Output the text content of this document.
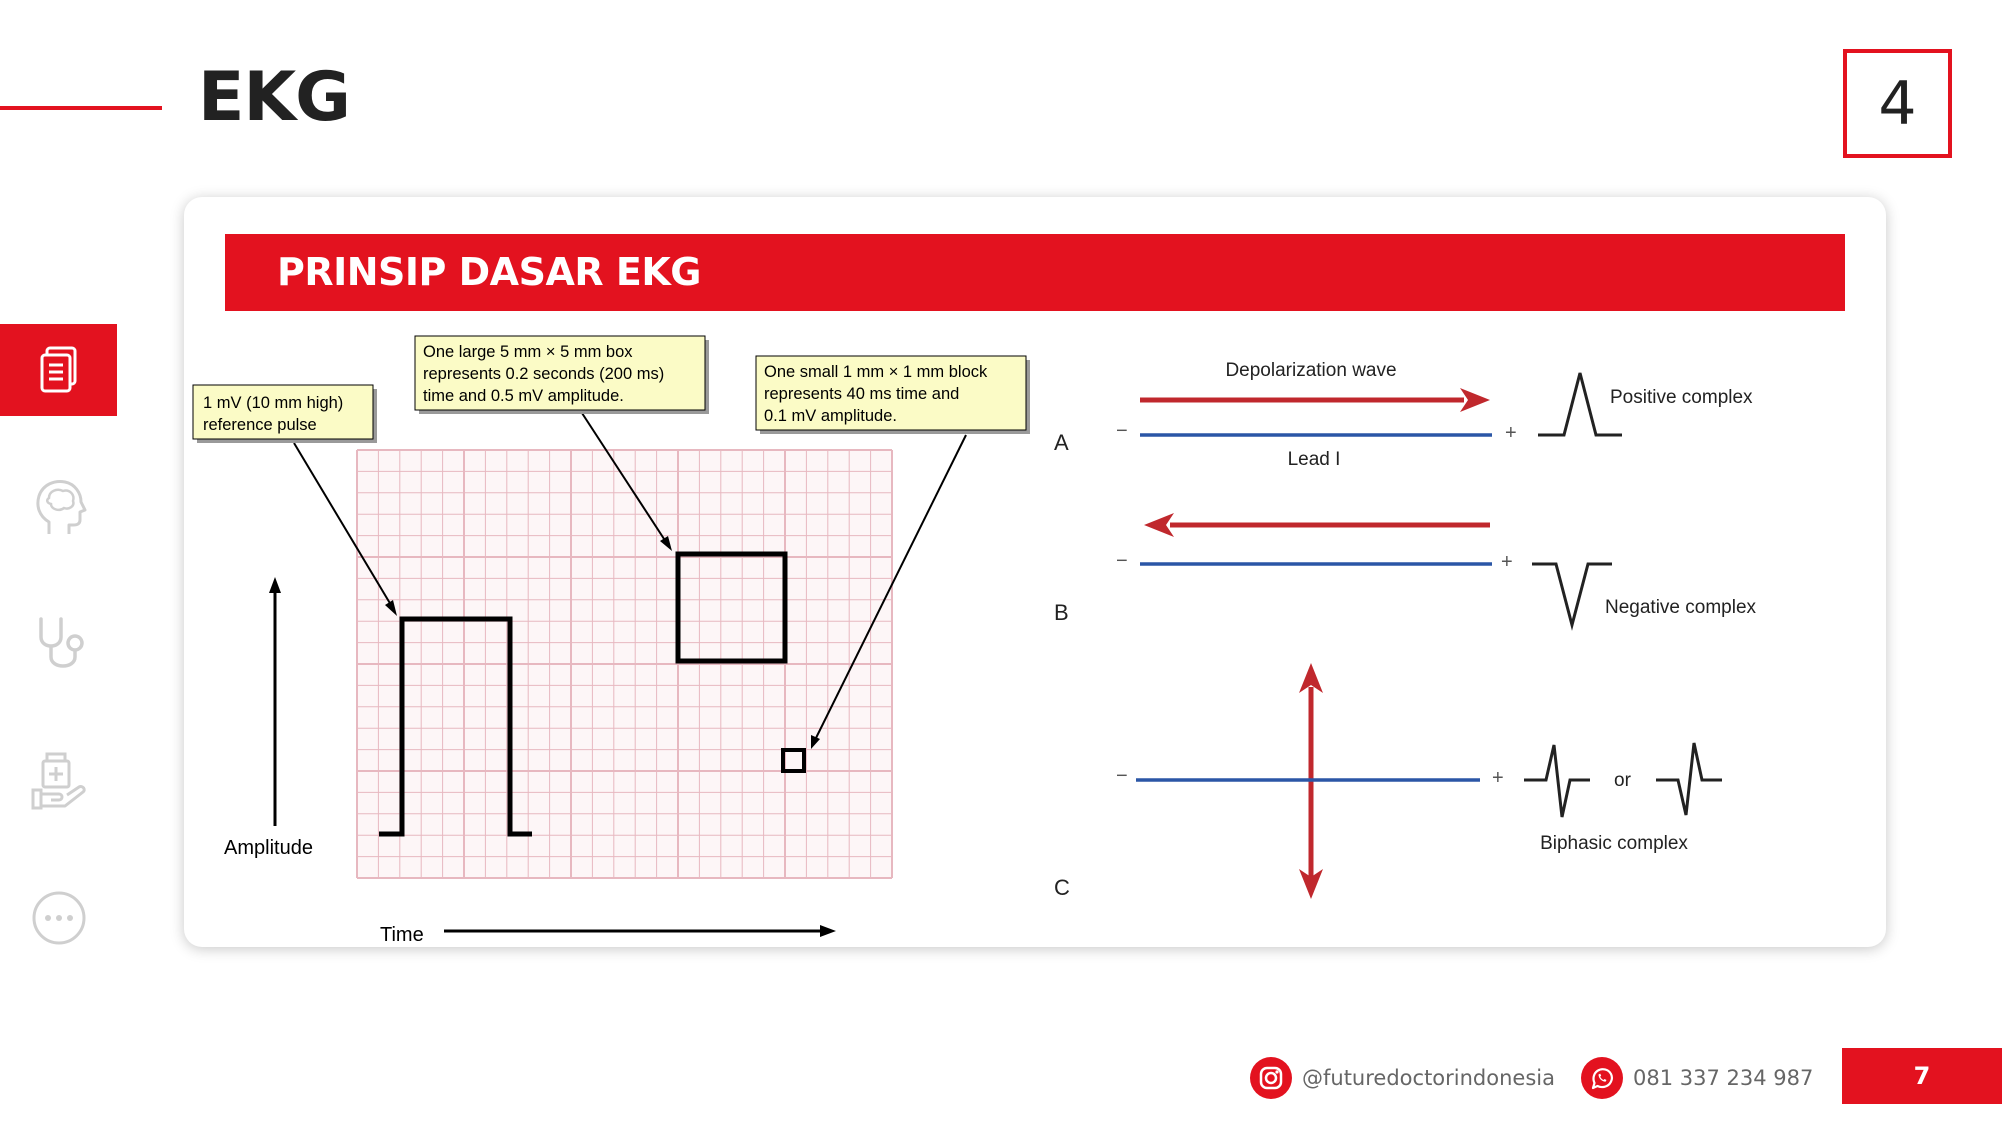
EKG	4
PRINSIP DASAR EKG
Amplitude
Time
1 mV (10 mm high)
reference pulse
One large 5 mm × 5 mm box
represents 0.2 seconds (200 ms)
time and 0.5 mV amplitude.
One small 1 mm × 1 mm block
represents 40 ms time and
0.1 mV amplitude.
A
Depolarization wave
−	+
Lead I
Positive complex
B
−	+
Negative complex
C
−	+	or
Biphasic complex
@futuredoctorindonesia	081 337 234 987	7
